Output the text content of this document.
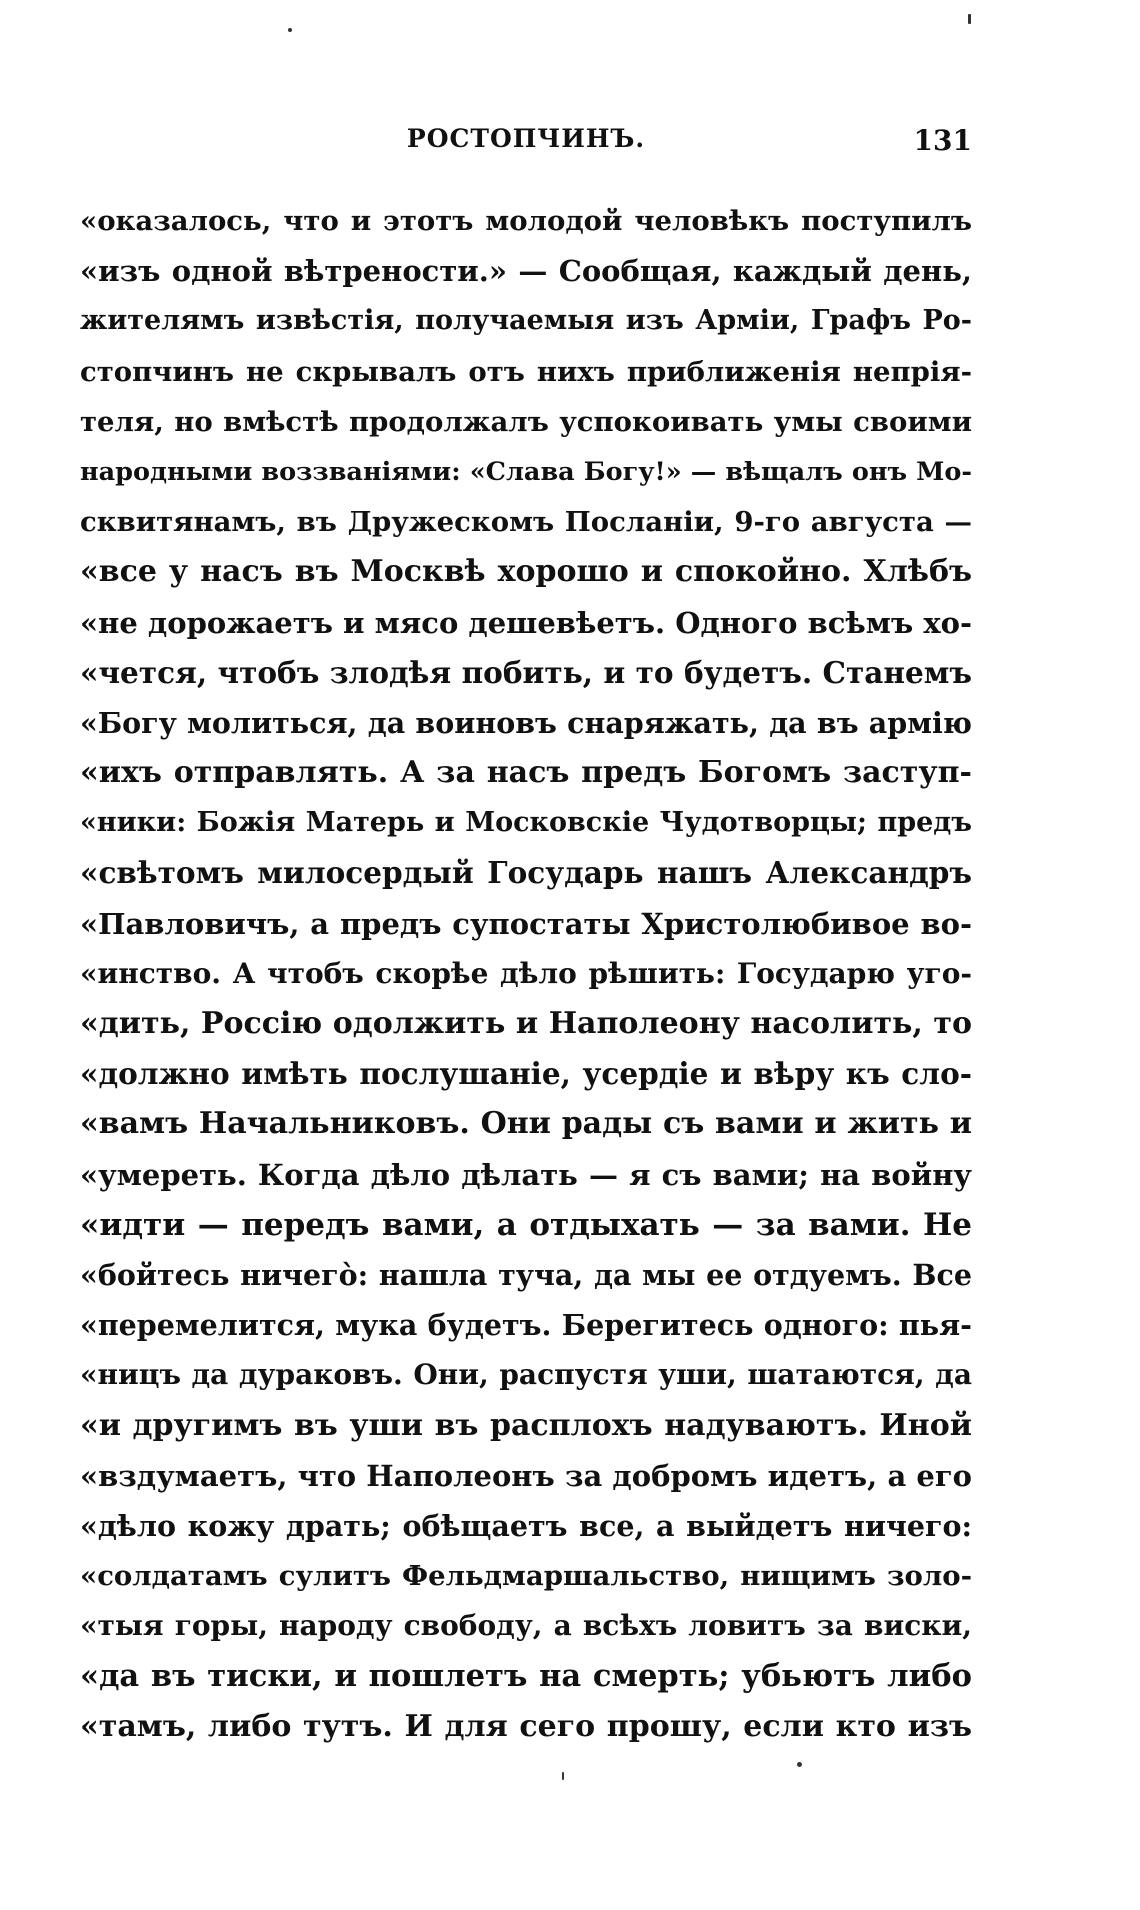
РОСТОПЧИНЪ.	131
«оказалось, что и этотъ молодой человѣкъ поступилъ
«изъ одной вѣтрености.» — Сообщая, каждый день,
жителямъ извѣстія, получаемыя изъ Арміи, Графъ Ро-
стопчинъ не скрывалъ отъ нихъ приближенія непрія-
теля, но вмѣстѣ продолжалъ успокоивать умы своими
народными воззваніями: «Слава Богу!» — вѣщалъ онъ Мо-
сквитянамъ, въ Дружескомъ Посланіи, 9-го августа —
«все у насъ въ Москвѣ хорошо и спокойно. Хлѣбъ
«не дорожаетъ и мясо дешевѣетъ. Одного всѣмъ хо-
«чется, чтобъ злодѣя побить, и то будетъ. Станемъ
«Богу молиться, да воиновъ снаряжать, да въ армію
«ихъ отправлять. А за насъ предъ Богомъ заступ-
«ники: Божія Матерь и Московскіе Чудотворцы; предъ
«свѣтомъ милосердый Государь нашъ Александръ
«Павловичъ, а предъ супостаты Христолюбивое во-
«инство. А чтобъ скорѣе дѣло рѣшить: Государю уго-
«дить, Россію одолжить и Наполеону насолить, то
«должно имѣть послушаніе, усердіе и вѣру къ сло-
«вамъ Начальниковъ. Они рады съ вами и жить и
«умереть. Когда дѣло дѣлать — я съ вами; на войну
«идти — передъ вами, а отдыхать — за вами. Не
«бойтесь ничегò: нашла туча, да мы ее отдуемъ. Все
«перемелится, мука будетъ. Берегитесь одного: пья-
«ницъ да дураковъ. Они, распустя уши, шатаются, да
«и другимъ въ уши въ расплохъ надуваютъ. Иной
«вздумаетъ, что Наполеонъ за добромъ идетъ, а его
«дѣло кожу драть; обѣщаетъ все, а выйдетъ ничего:
«солдатамъ сулитъ Фельдмаршальство, нищимъ золо-
«тыя горы, народу свободу, а всѣхъ ловитъ за виски,
«да въ тиски, и пошлетъ на смерть; убьютъ либо
«тамъ, либо тутъ. И для сего прошу, если кто изъ
